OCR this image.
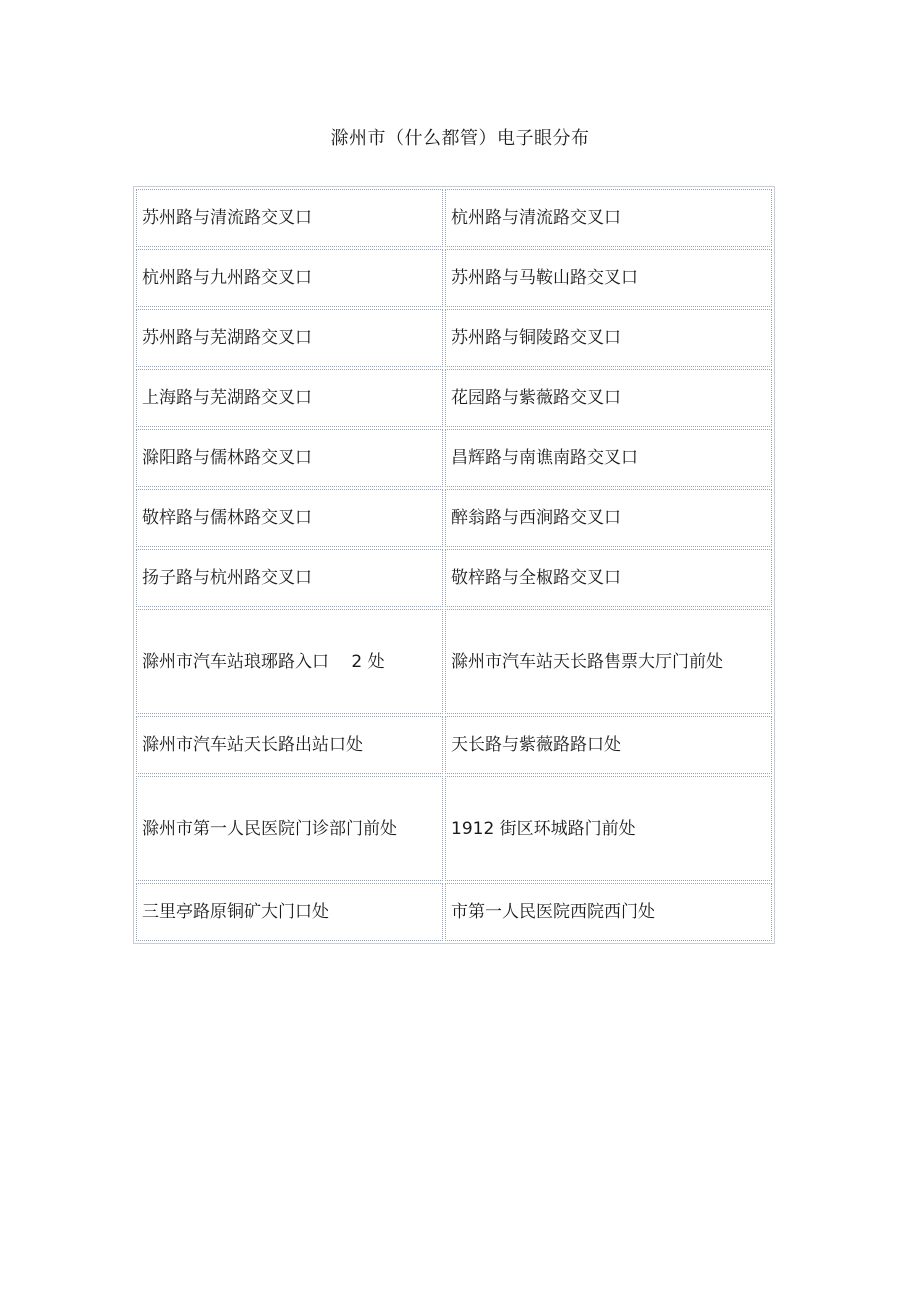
滁州市（什么都管）电子眼分布
苏州路与清流路交叉口	杭州路与清流路交叉口
杭州路与九州路交叉口	苏州路与马鞍山路交叉口
苏州路与芜湖路交叉口	苏州路与铜陵路交叉口
上海路与芜湖路交叉口	花园路与紫薇路交叉口
滁阳路与儒林路交叉口	昌辉路与南谯南路交叉口
敬梓路与儒林路交叉口	醉翁路与西涧路交叉口
扬子路与杭州路交叉口	敬梓路与全椒路交叉口
滁州市汽车站琅琊路入口　 2 处	滁州市汽车站天长路售票大厅门前处
滁州市汽车站天长路出站口处	天长路与紫薇路路口处
滁州市第一人民医院门诊部门前处	1912 街区环城路门前处
三里亭路原铜矿大门口处	市第一人民医院西院西门处
